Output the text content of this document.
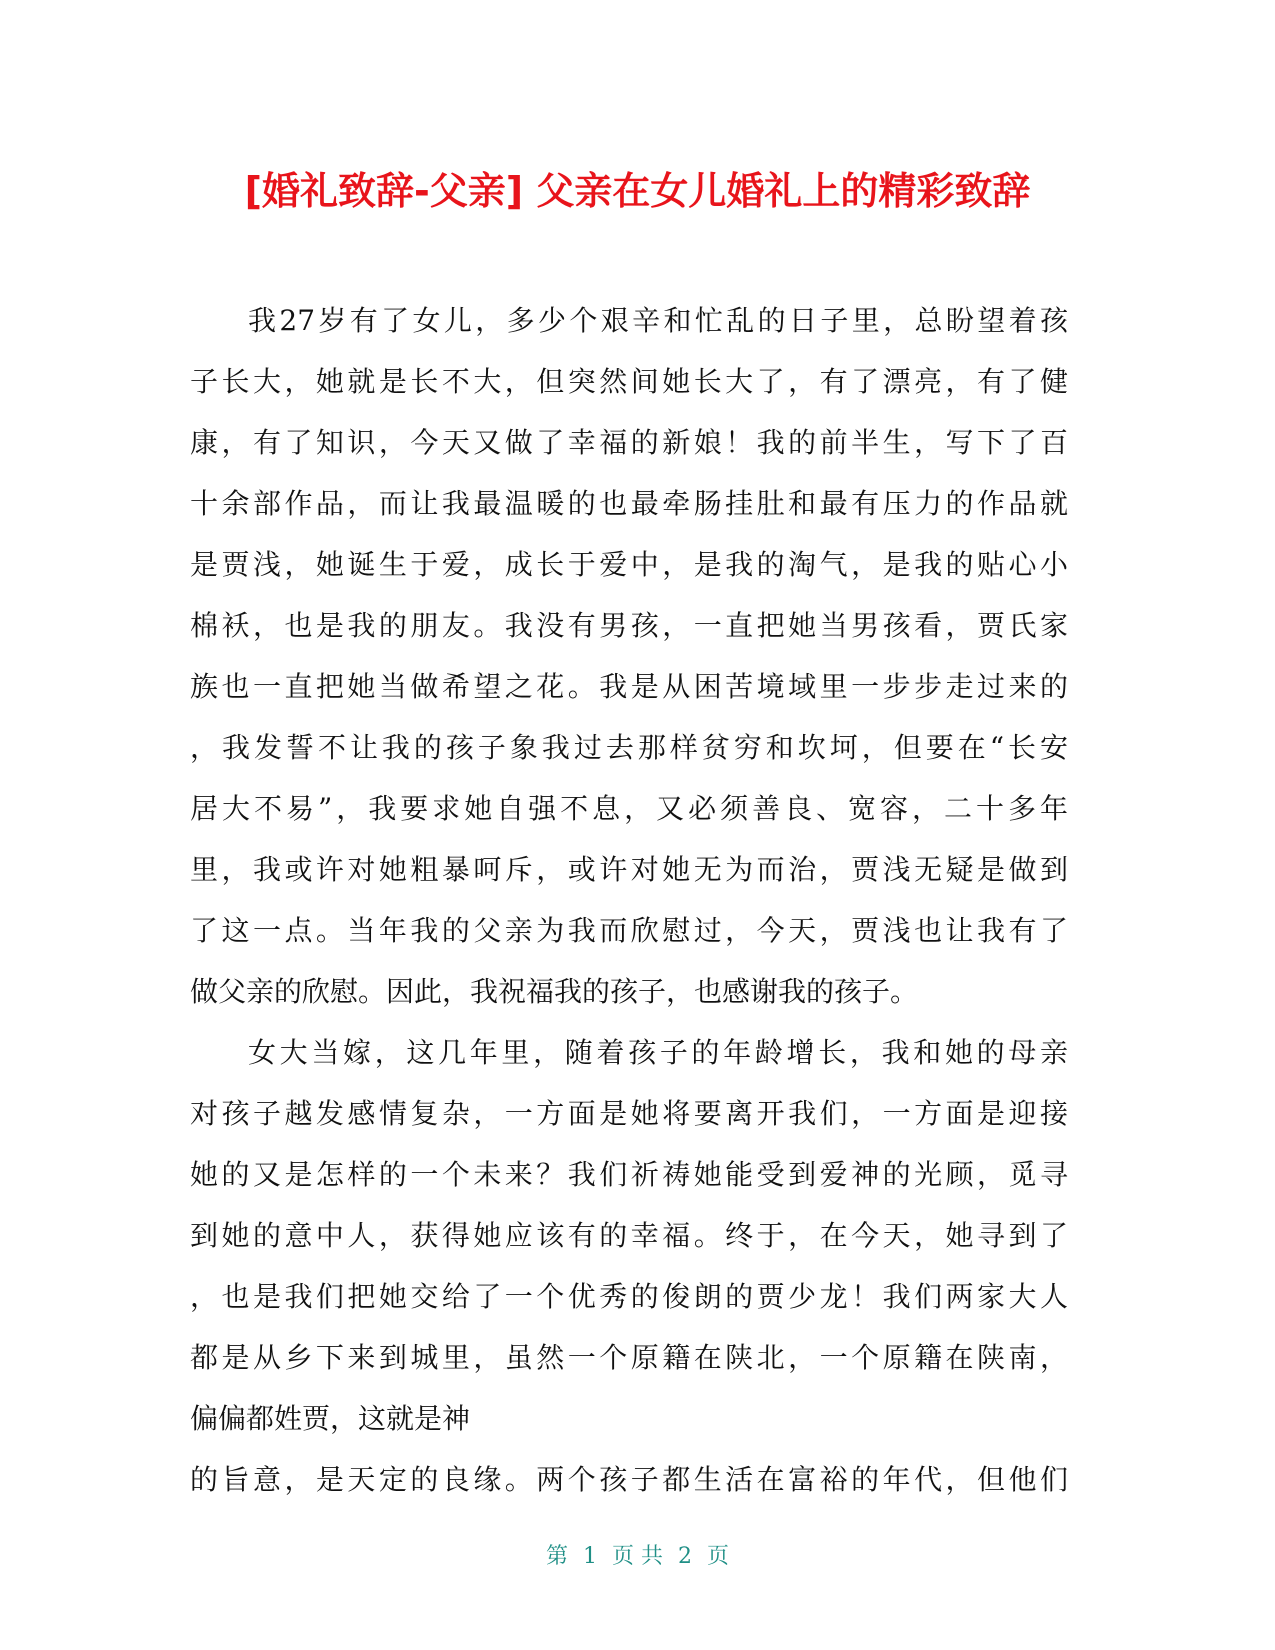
[婚礼致辞-父亲] 父亲在女儿婚礼上的精彩致辞
我27岁有了女儿，多少个艰辛和忙乱的日子里，总盼望着孩
子长大，她就是长不大，但突然间她长大了，有了漂亮，有了健
康，有了知识，今天又做了幸福的新娘！我的前半生，写下了百
十余部作品，而让我最温暖的也最牵肠挂肚和最有压力的作品就
是贾浅，她诞生于爱，成长于爱中，是我的淘气，是我的贴心小
棉袄，也是我的朋友。我没有男孩，一直把她当男孩看，贾氏家
族也一直把她当做希望之花。我是从困苦境域里一步步走过来的
，我发誓不让我的孩子象我过去那样贫穷和坎坷，但要在“长安
居大不易”，我要求她自强不息，又必须善良、宽容，二十多年
里，我或许对她粗暴呵斥，或许对她无为而治，贾浅无疑是做到
了这一点。当年我的父亲为我而欣慰过，今天，贾浅也让我有了
做父亲的欣慰。因此，我祝福我的孩子，也感谢我的孩子。
女大当嫁，这几年里，随着孩子的年龄增长，我和她的母亲
对孩子越发感情复杂，一方面是她将要离开我们，一方面是迎接
她的又是怎样的一个未来？我们祈祷她能受到爱神的光顾，觅寻
到她的意中人，获得她应该有的幸福。终于，在今天，她寻到了
，也是我们把她交给了一个优秀的俊朗的贾少龙！我们两家大人
都是从乡下来到城里，虽然一个原籍在陕北，一个原籍在陕南，
偏偏都姓贾，这就是神
的旨意，是天定的良缘。两个孩子都生活在富裕的年代，但他们
第 1 页 共 2 页
